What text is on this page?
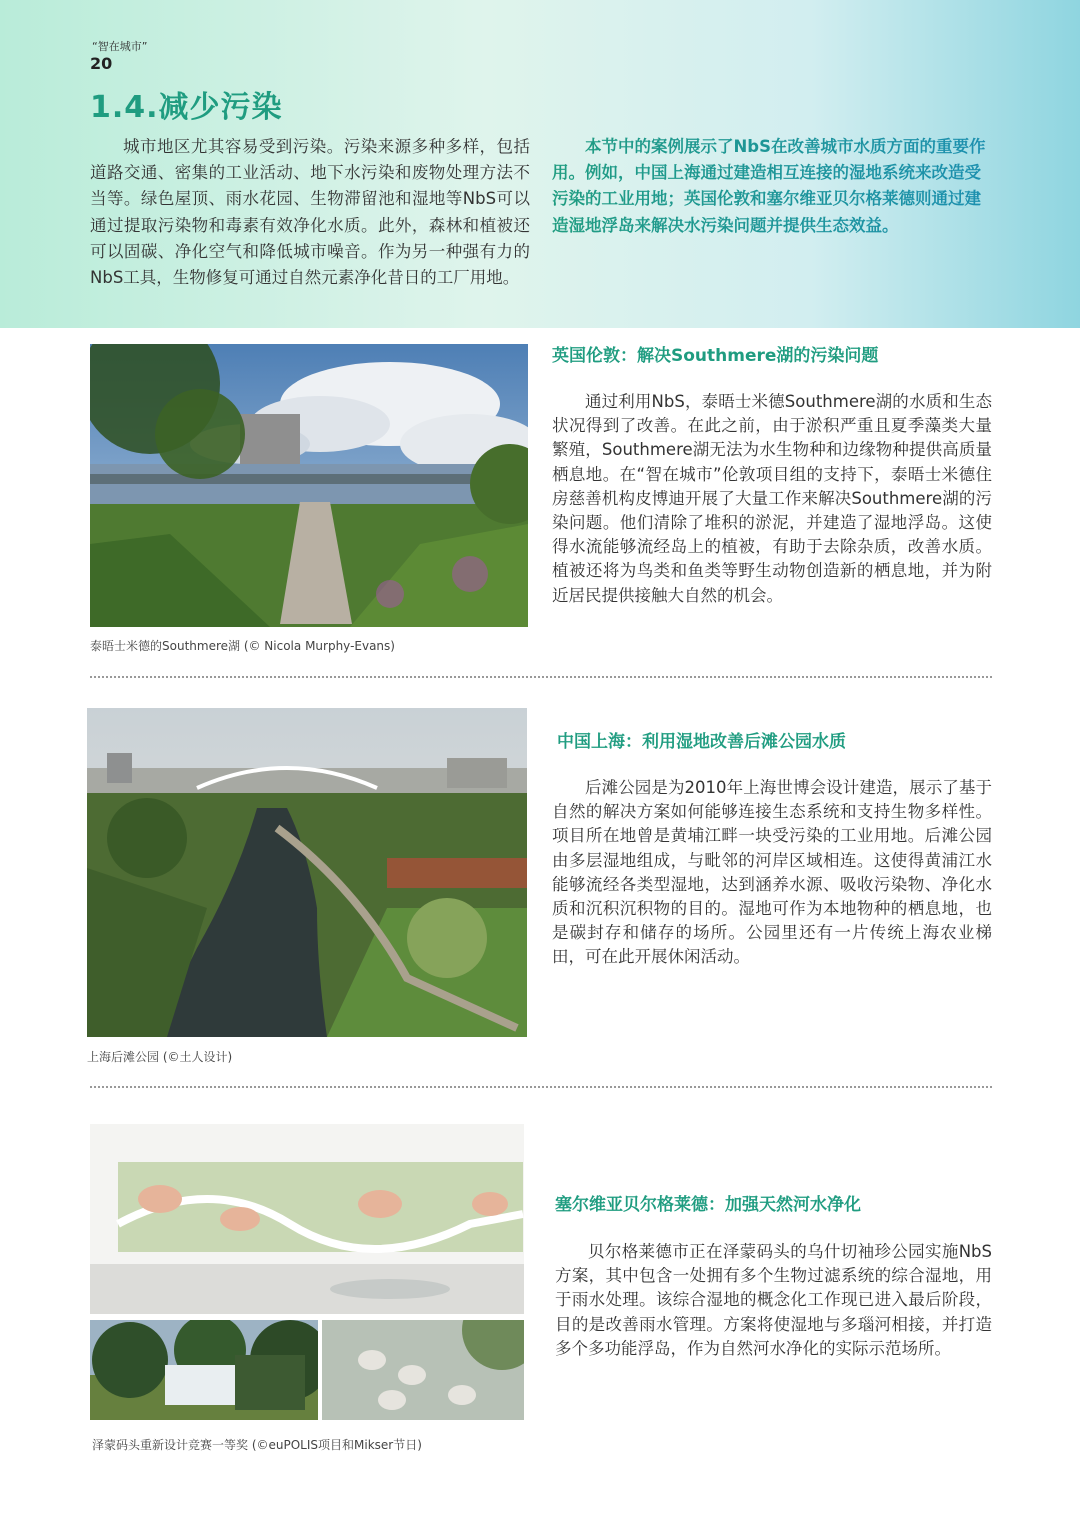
“智在城市”
20
1.4.减少污染

城市地区尤其容易受到污染。污染来源多种多样，包括道路交通、密集的工业活动、地下水污染和废物处理方法不当等。绿色屋顶、雨水花园、生物滞留池和湿地等NbS可以通过提取污染物和毒素有效净化水质。此外，森林和植被还可以固碳、净化空气和降低城市噪音。作为另一种强有力的NbS工具，生物修复可通过自然元素净化昔日的工厂用地。

本节中的案例展示了NbS在改善城市水质方面的重要作用。例如，中国上海通过建造相互连接的湿地系统来改造受污染的工业用地；英国伦敦和塞尔维亚贝尔格莱德则通过建造湿地浮岛来解决水污染问题并提供生态效益。

泰晤士米德的Southmere湖 (© Nicola Murphy-Evans)
英国伦敦：解决Southmere湖的污染问题

通过利用NbS，泰晤士米德Southmere湖的水质和生态状况得到了改善。在此之前，由于淤积严重且夏季藻类大量繁殖，Southmere湖无法为水生物种和边缘物种提供高质量栖息地。在“智在城市”伦敦项目组的支持下，泰晤士米德住房慈善机构皮博迪开展了大量工作来解决Southmere湖的污染问题。他们清除了堆积的淤泥，并建造了湿地浮岛。这使得水流能够流经岛上的植被，有助于去除杂质，改善水质。植被还将为鸟类和鱼类等野生动物创造新的栖息地，并为附近居民提供接触大自然的机会。

上海后滩公园 (©土人设计)
中国上海：利用湿地改善后滩公园水质

后滩公园是为2010年上海世博会设计建造，展示了基于自然的解决方案如何能够连接生态系统和支持生物多样性。项目所在地曾是黄埔江畔一块受污染的工业用地。后滩公园由多层湿地组成，与毗邻的河岸区域相连。这使得黄浦江水能够流经各类型湿地，达到涵养水源、吸收污染物、净化水质和沉积沉积物的目的。湿地可作为本地物种的栖息地，也是碳封存和储存的场所。公园里还有一片传统上海农业梯田，可在此开展休闲活动。

泽蒙码头重新设计竞赛一等奖 (©euPOLIS项目和Mikser节日)
塞尔维亚贝尔格莱德：加强天然河水净化

贝尔格莱德市正在泽蒙码头的乌什切袖珍公园实施NbS方案，其中包含一处拥有多个生物过滤系统的综合湿地，用于雨水处理。该综合湿地的概念化工作现已进入最后阶段，目的是改善雨水管理。方案将使湿地与多瑙河相接，并打造多个多功能浮岛，作为自然河水净化的实际示范场所。
